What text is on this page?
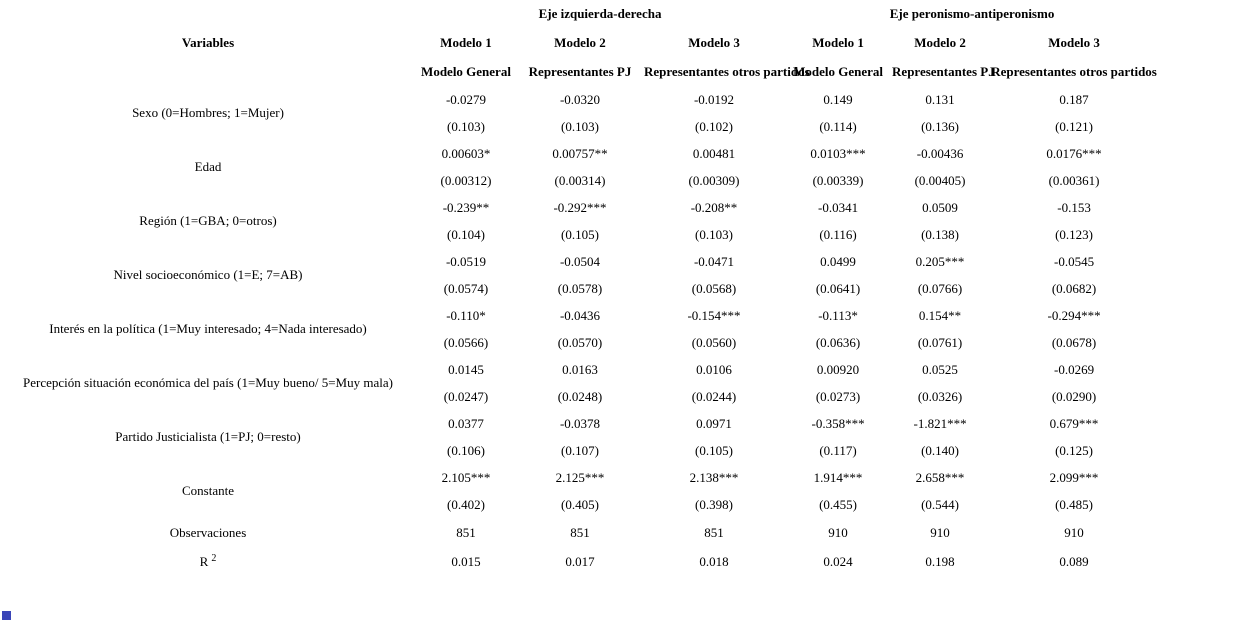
	Eje izquierda-derecha			Eje peronismo-antiperonismo		
Variables	Modelo 1	Modelo 2	Modelo 3	Modelo 1	Modelo 2	Modelo 3
	Modelo General	Representantes PJ	Representantes otros partidos	Modelo General	Representantes PJ	Representantes otros partidos
Sexo (0=Hombres; 1=Mujer)	-0.0279	-0.0320	-0.0192	0.149	0.131	0.187
	(0.103)	(0.103)	(0.102)	(0.114)	(0.136)	(0.121)
Edad	0.00603*	0.00757**	0.00481	0.0103***	-0.00436	0.0176***
	(0.00312)	(0.00314)	(0.00309)	(0.00339)	(0.00405)	(0.00361)
Región (1=GBA; 0=otros)	-0.239**	-0.292***	-0.208**	-0.0341	0.0509	-0.153
	(0.104)	(0.105)	(0.103)	(0.116)	(0.138)	(0.123)
Nivel socioeconómico (1=E; 7=AB)	-0.0519	-0.0504	-0.0471	0.0499	0.205***	-0.0545
	(0.0574)	(0.0578)	(0.0568)	(0.0641)	(0.0766)	(0.0682)
Interés en la política (1=Muy interesado; 4=Nada interesado)	-0.110*	-0.0436	-0.154***	-0.113*	0.154**	-0.294***
	(0.0566)	(0.0570)	(0.0560)	(0.0636)	(0.0761)	(0.0678)
Percepción situación económica del país (1=Muy bueno/ 5=Muy mala)	0.0145	0.0163	0.0106	0.00920	0.0525	-0.0269
	(0.0247)	(0.0248)	(0.0244)	(0.0273)	(0.0326)	(0.0290)
Partido Justicialista (1=PJ; 0=resto)	0.0377	-0.0378	0.0971	-0.358***	-1.821***	0.679***
	(0.106)	(0.107)	(0.105)	(0.117)	(0.140)	(0.125)
Constante	2.105***	2.125***	2.138***	1.914***	2.658***	2.099***
	(0.402)	(0.405)	(0.398)	(0.455)	(0.544)	(0.485)
Observaciones	851	851	851	910	910	910
R $^2$	0.015	0.017	0.018	0.024	0.198	0.089
